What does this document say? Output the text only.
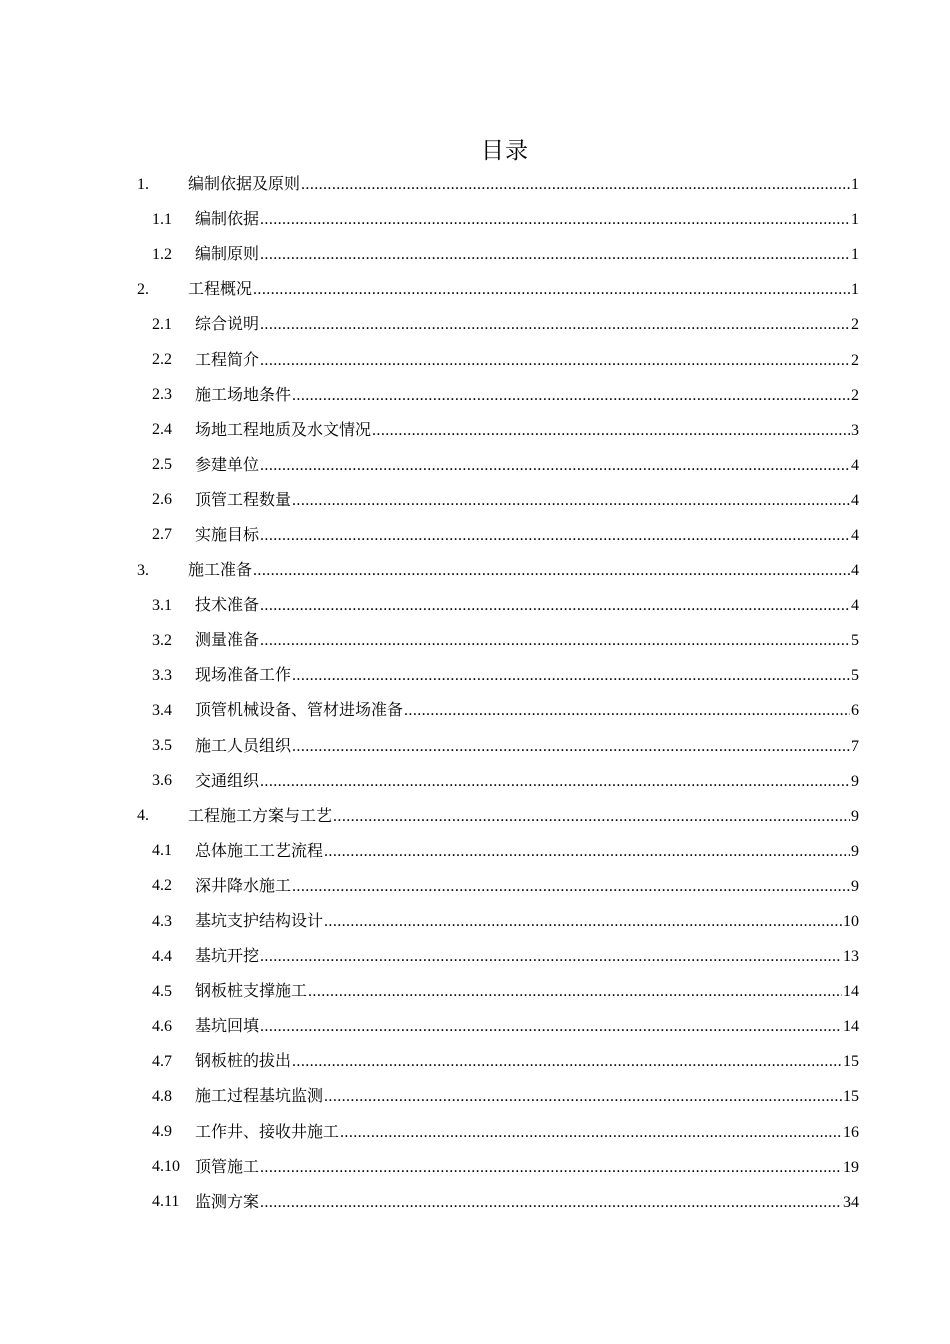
目录
1. 编制依据及原则 .....	1
1.1 编制依据 .....	1
1.2 编制原则 .....	1
2. 工程概况 .....	1
2.1 综合说明 .....	2
2.2 工程简介 .....	2
2.3 施工场地条件 .....	2
2.4 场地工程地质及水文情况 .....	3
2.5 参建单位 .....	4
2.6 顶管工程数量 .....	4
2.7 实施目标 .....	4
3. 施工准备 .....	4
3.1 技术准备 .....	4
3.2 测量准备 .....	5
3.3 现场准备工作 .....	5
3.4 顶管机械设备、管材进场准备 .....	6
3.5 施工人员组织 .....	7
3.6 交通组织 .....	9
4. 工程施工方案与工艺 .....	9
4.1 总体施工工艺流程 .....	9
4.2 深井降水施工 .....	9
4.3 基坑支护结构设计 .....	10
4.4 基坑开挖 .....	13
4.5 钢板桩支撑施工 .....	14
4.6 基坑回填 .....	14
4.7 钢板桩的拔出 .....	15
4.8 施工过程基坑监测 .....	15
4.9 工作井、接收井施工 .....	16
4.10 顶管施工 .....	19
4.11 监测方案 .....	34
